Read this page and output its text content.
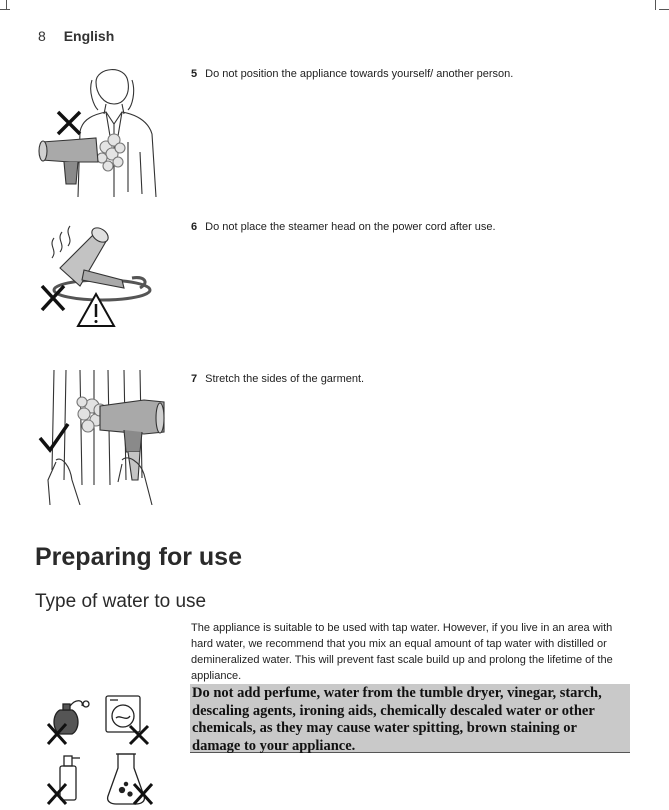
8 English
5 Do not position the appliance towards yourself/ another person.
6 Do not place the steamer head on the power cord after use.
7 Stretch the sides of the garment.
Preparing for use
Type of water to use
The appliance is suitable to be used with tap water. However, if you live in an area with hard water, we recommend that you mix an equal amount of tap water with distilled or demineralized water. This will prevent fast scale build up and prolong the lifetime of the appliance.
Do not add perfume, water from the tumble dryer, vinegar, starch, descaling agents, ironing aids, chemically descaled water or other chemicals, as they may cause water spitting, brown staining or damage to your appliance.
